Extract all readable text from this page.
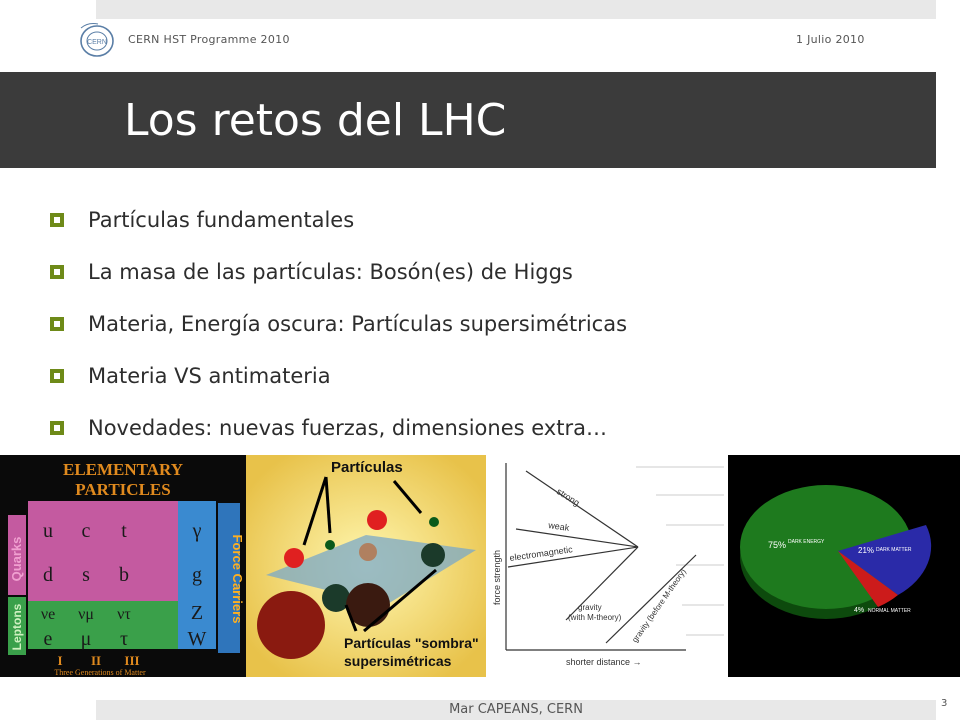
CERN CERN HST Programme 2010	1 Julio 2010
Los retos del LHC
Partículas fundamentales
La masa de las partículas: Bosón(es) de Higgs
Materia, Energía oscura: Partículas supersimétricas
Materia VS antimateria
Novedades: nuevas fuerzas, dimensiones extra…
ELEMENTARY
PARTICLES
Quarks
Leptons
Force Carriers
u c t	γ
d s b	g
νe νμ ντ	Z
e μ τ	W
I II III
Three Generations of Matter
Partículas
Partículas "sombra"
supersimétricas
force strength
shorter distance →
strong
weak
electromagnetic
gravity
(with M-theory) gravity (before M-theory)
75% DARK ENERGY
21% DARK MATTER
4% NORMAL MATTER
Mar CAPEANS, CERN	3
